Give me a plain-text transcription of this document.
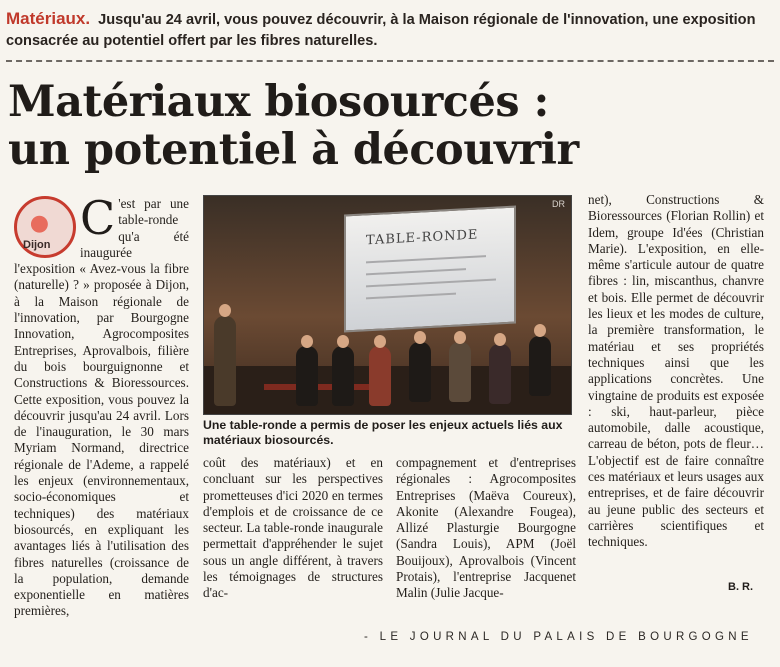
Matériaux. Jusqu'au 24 avril, vous pouvez découvrir, à la Maison régionale de l'innovation, une exposition consacrée au potentiel offert par les fibres naturelles.
Matériaux biosourcés :
un potentiel à découvrir
Dijon C 'est par une table-ronde qu'a été inaugurée l'exposition « Avez-vous la fibre (naturelle) ? » proposée à Dijon, à la Maison régionale de l'innovation, par Bourgogne Innovation, Agrocomposites Entreprises, Aprovalbois, filière du bois bourguignonne et Constructions & Bioressources. Cette exposition, vous pouvez la découvrir jusqu'au 24 avril. Lors de l'inauguration, le 30 mars Myriam Normand, directrice régionale de l'Ademe, a rappelé les enjeux (environnementaux, socio-économiques et techniques) des matériaux biosourcés, en expliquant les avantages liés à l'utilisation des fibres naturelles (croissance de la population, demande exponentielle en matières premières,

TABLE-RONDE
DR
Une table-ronde a permis de poser les enjeux actuels liés aux matériaux biosourcés.

coût des matériaux) et en concluant sur les perspectives prometteuses d'ici 2020 en termes d'emplois et de croissance de ce secteur. La table-ronde inaugurale permettait d'appréhender le sujet sous un angle différent, à travers les témoignages de structures d'ac-

compagnement et d'entreprises régionales : Agrocomposites Entreprises (Maëva Coureux), Akonite (Alexandre Fougea), Allizé Plasturgie Bourgogne (Sandra Louis), APM (Joël Bouijoux), Aprovalbois (Vincent Protais), l'entreprise Jacquenet Malin (Julie Jacque-

net), Constructions & Bioressources (Florian Rollin) et Idem, groupe Id'ées (Christian Marie). L'exposition, en elle-même s'articule autour de quatre fibres : lin, miscanthus, chanvre et bois. Elle permet de découvrir les lieux et les modes de culture, la première transformation, le matériau et ses propriétés techniques ainsi que les applications concrètes. Une vingtaine de produits est exposée : ski, haut-parleur, pièce automobile, dalle acoustique, carreau de béton, pots de fleur… L'objectif est de faire connaître ces matériaux et leurs usages aux entreprises, et de faire découvrir au jeune public des secteurs et carrières scientifiques et techniques.

B. R.
- LE JOURNAL DU PALAIS DE BOURGOGNE
